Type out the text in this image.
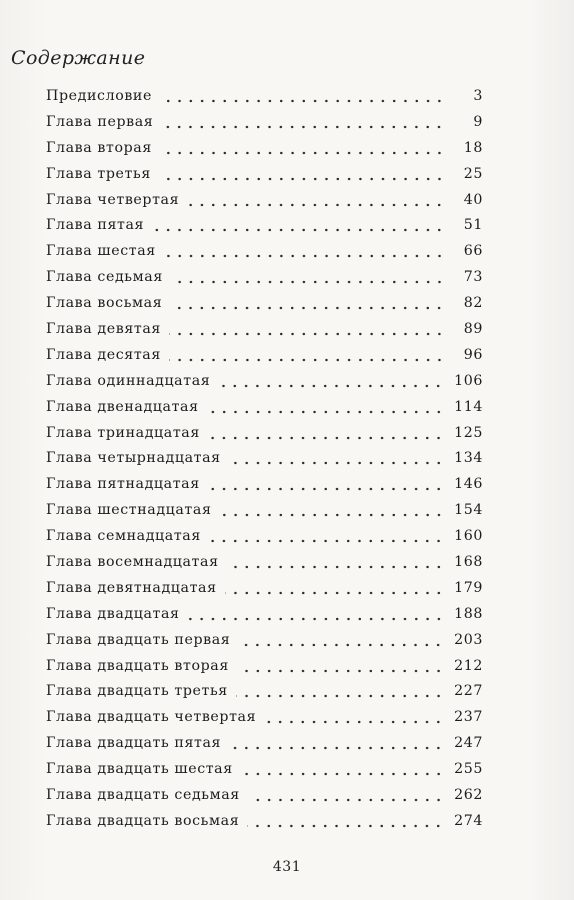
Содержание
Предисловие	3
Глава первая	9
Глава вторая	18
Глава третья	25
Глава четвертая	40
Глава пятая	51
Глава шестая	66
Глава седьмая	73
Глава восьмая	82
Глава девятая	89
Глава десятая	96
Глава одиннадцатая	106
Глава двенадцатая	114
Глава тринадцатая	125
Глава четырнадцатая	134
Глава пятнадцатая	146
Глава шестнадцатая	154
Глава семнадцатая	160
Глава восемнадцатая	168
Глава девятнадцатая	179
Глава двадцатая	188
Глава двадцать первая	203
Глава двадцать вторая	212
Глава двадцать третья	227
Глава двадцать четвертая	237
Глава двадцать пятая	247
Глава двадцать шестая	255
Глава двадцать седьмая	262
Глава двадцать восьмая	274
431
